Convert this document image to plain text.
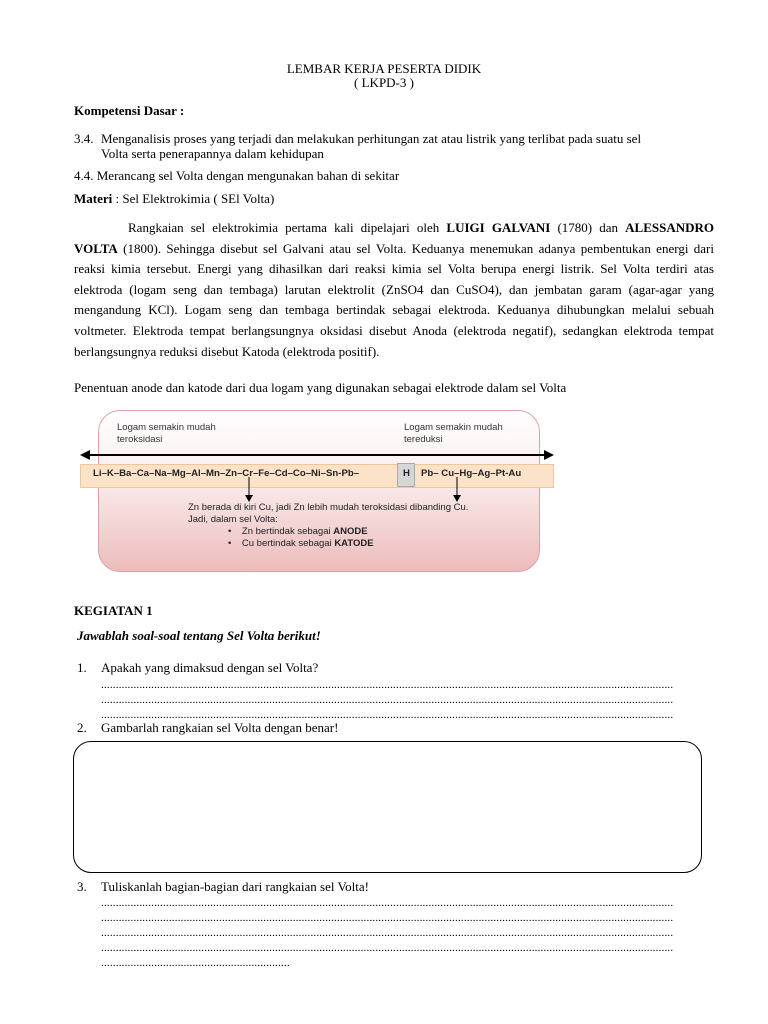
LEMBAR KERJA PESERTA DIDIK
( LKPD-3 )
Kompetensi Dasar :
3.4. Menganalisis proses yang terjadi dan melakukan perhitungan zat atau listrik yang terlibat pada suatu sel
Volta serta penerapannya dalam kehidupan
4.4. Merancang sel Volta dengan mengunakan bahan di sekitar
Materi : Sel Elektrokimia ( SEl Volta)

Rangkaian sel elektrokimia pertama kali dipelajari oleh LUIGI GALVANI (1780) dan ALESSANDRO VOLTA (1800). Sehingga disebut sel Galvani atau sel Volta. Keduanya menemukan adanya pembentukan energi dari reaksi kimia tersebut. Energi yang dihasilkan dari reaksi kimia sel Volta berupa energi listrik. Sel Volta terdiri atas elektroda (logam seng dan tembaga) larutan elektrolit (ZnSO4 dan CuSO4), dan jembatan garam (agar-agar yang mengandung KCl). Logam seng dan tembaga bertindak sebagai elektroda. Keduanya dihubungkan melalui sebuah voltmeter. Elektroda tempat berlangsungnya oksidasi disebut Anoda (elektroda negatif), sedangkan elektroda tempat berlangsungnya reduksi disebut Katoda (elektroda positif).

Penentuan anode dan katode dari dua logam yang digunakan sebagai elektrode dalam sel Volta
Logam semakin mudah
teroksidasi
Logam semakin mudah
tereduksi
Li–K–Ba–Ca–Na–Mg–Al–Mn–Zn–Cr–Fe–Cd–Co–Ni–Sn-Pb–	H Pb– Cu–Hg–Ag–Pt-Au
Zn berada di kiri Cu, jadi Zn lebih mudah teroksidasi dibanding Cu.
Jadi, dalam sel Volta:
•    Zn bertindak sebagai ANODE
•    Cu bertindak sebagai KATODE
KEGIATAN 1
Jawablah soal-soal tentang Sel Volta berikut!
1. Apakah yang dimaksud dengan sel Volta?
..................................................................................................................................................................................................
..................................................................................................................................................................................................
..................................................................................................................................................................................................
2. Gambarlah rangkaian sel Volta dengan benar!
3. Tuliskanlah bagian-bagian dari rangkaian sel Volta!
..................................................................................................................................................................................................
..................................................................................................................................................................................................
..................................................................................................................................................................................................
..................................................................................................................................................................................................
................................................................
